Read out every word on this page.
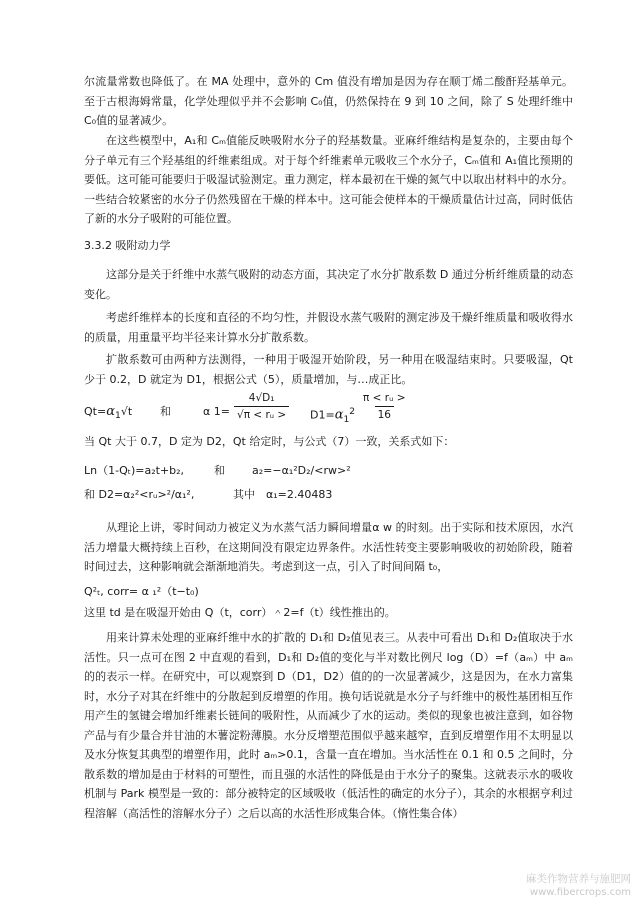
尔流量常数也降低了。在 MA 处理中，意外的 Cm 值没有增加是因为存在顺丁烯二酸酐羟基单元。至于古根海姆常量，化学处理似乎并不会影响 C₀值，仍然保持在 9 到 10 之间，除了 S 处理纤维中 C₀值的显著减少。

在这些模型中，A₁和 Cₘ值能反映吸附水分子的羟基数量。亚麻纤维结构是复杂的，主要由每个分子单元有三个羟基组的纤维素组成。对于每个纤维素单元吸收三个水分子，Cₘ值和 A₁值比预期的要低。这可能可能要归于吸湿试验测定。重力测定，样本最初在干燥的氮气中以取出材料中的水分。一些结合较紧密的水分子仍然残留在干燥的样本中。这可能会使样本的干燥质量估计过高，同时低估了新的水分子吸附的可能位置。

3.3.2 吸附动力学

这部分是关于纤维中水蒸气吸附的动态方面，其决定了水分扩散系数 D 通过分析纤维质量的动态变化。

考虑纤维样本的长度和直径的不均匀性，并假设水蒸气吸附的测定涉及干燥纤维质量和吸收得水的质量，用重量平均半径来计算水分扩散系数。

扩散系数可由两种方法测得，一种用于吸湿开始阶段，另一种用在吸湿结束时。只要吸湿，Qt 少于 0.2，D 就定为 D1，根据公式（5），质量增加，与…成正比。

$Qt=\alpha_1√t$	和	α $1= \frac{\text{4√D₁}}{\text{√π < rᵤ >}} D1=\alpha_1^2 \frac{\text{π < rᵤ >}}{16}$

当 Qt 大于 0.7，D 定为 D2，Qt 给定时，与公式（7）一致，关系式如下：

Ln（1-Qₜ)=a₂t+b₂,	和 a₂=−α₁²D₂/<rw>²
和 D2=α₂²<rᵤ>²/α₁²,	其中 α₁=2.40483

从理论上讲，零时间动力被定义为水蒸气活力瞬间增量α w 的时刻。出于实际和技术原因，水汽活力增量大概持续上百秒，在这期间没有限定边界条件。水活性转变主要影响吸收的初始阶段，随着时间过去，这种影响就会渐渐地消失。考虑到这一点，引入了时间间隔 t₀，

Q²ₜ, corr= α ₁²（t−t₀)

这里 td 是在吸湿开始由 Q（t，corr）＾2=f（t）线性推出的。

用来计算未处理的亚麻纤维中水的扩散的 D₁和 D₂值见表三。从表中可看出 D₁和 D₂值取决于水活性。只一点可在图 2 中直观的看到，D₁和 D₂值的变化与半对数比例尺 log（D）=f（aₘ）中 aₘ的的表示一样。在研究中，可以观察到 D（D1，D2）值的的一次显著减少，这是因为，在水力富集时，水分子对其在纤维中的分散起到反增塑的作用。换句话说就是水分子与纤维中的极性基团相互作用产生的氢键会增加纤维素长链间的吸附性，从而减少了水的运动。类似的现象也被注意到，如谷物产品与有少量合并甘油的木薯淀粉薄膜。水分反增塑范围似乎越来越窄，直到反增塑作用不太明显以及水分恢复其典型的增塑作用，此时 aₘ>0.1，含量一直在增加。当水活性在 0.1 和 0.5 之间时，分散系数的增加是由于材料的可塑性，而且强的水活性的降低是由于水分子的聚集。这就表示水的吸收机制与 Park 模型是一致的：部分被特定的区域吸收（低活性的确定的水分子），其余的水根据亨利过程溶解（高活性的溶解水分子）之后以高的水活性形成集合体。（惰性集合体）

麻类作物营养与施肥网
www.fibercrops.com
